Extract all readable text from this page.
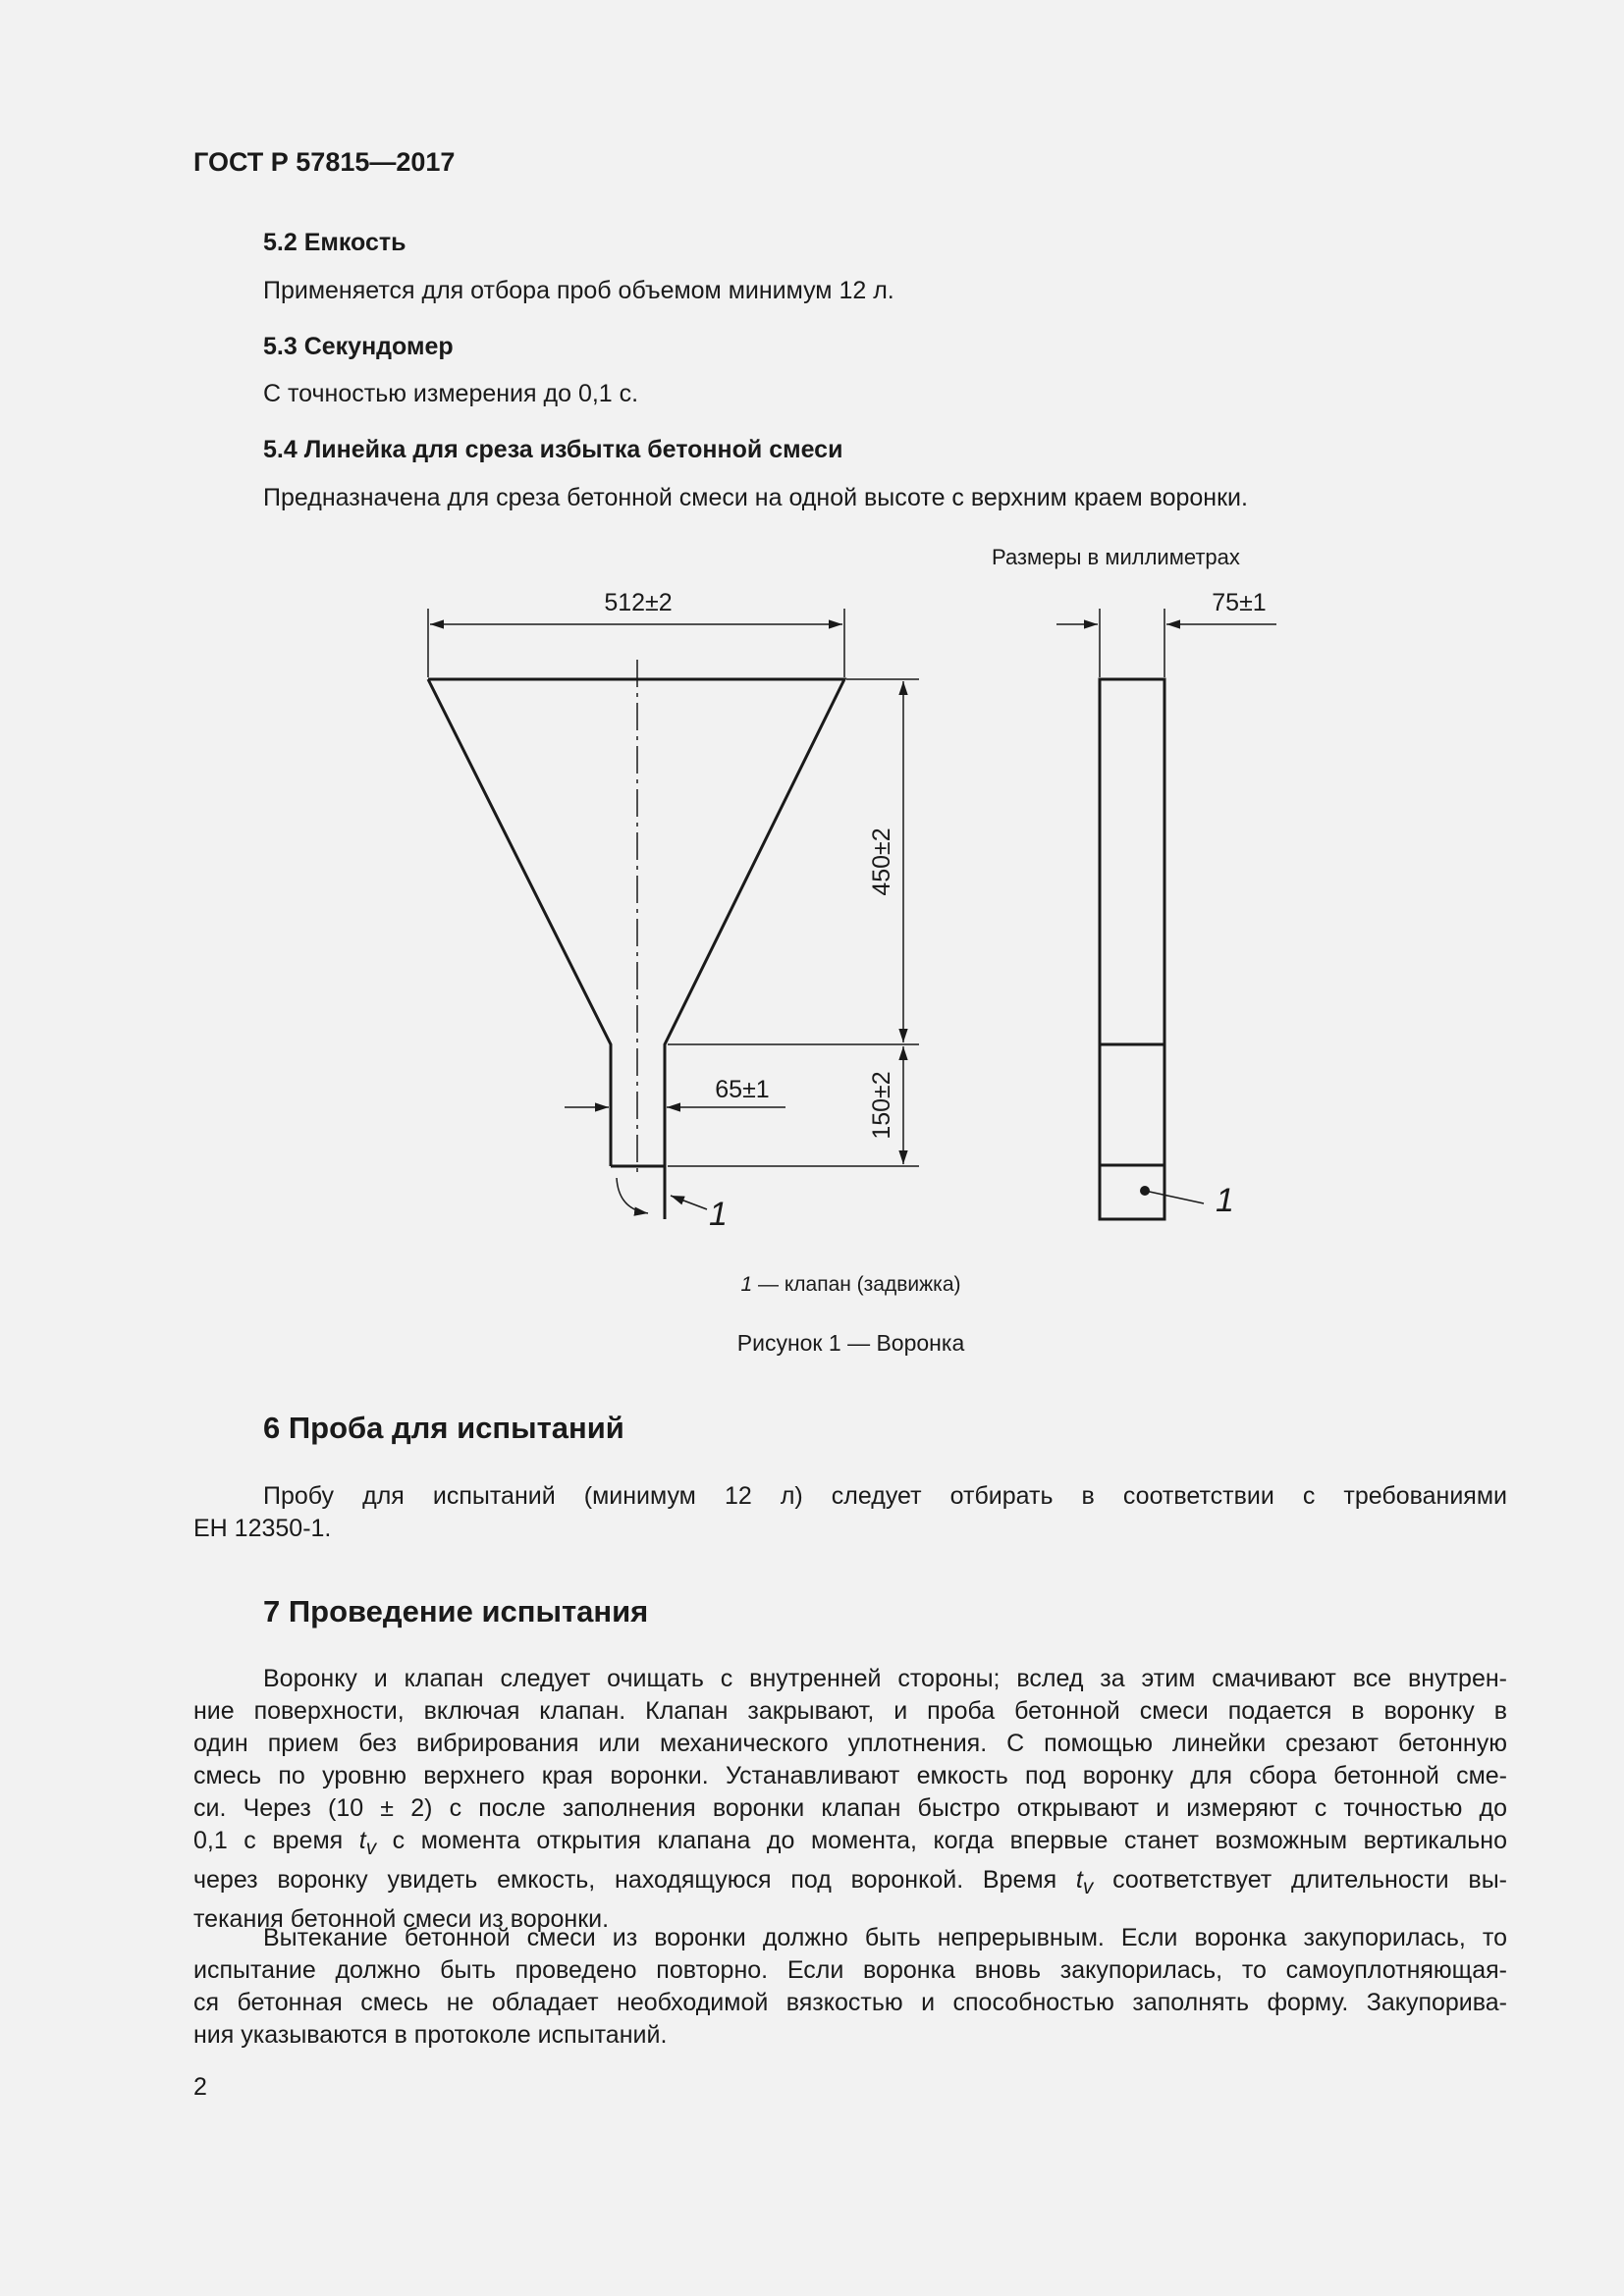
ГОСТ Р 57815—2017
5.2 Емкость
Применяется для отбора проб объемом минимум 12 л.
5.3 Секундомер
С точностью измерения до 0,1 с.
5.4 Линейка для среза избытка бетонной смеси
Предназначена для среза бетонной смеси на одной высоте с верхним краем воронки.
Размеры в миллиметрах
512±2	75±1
450±2
150±2
65±1
1	1
1 — клапан (задвижка)
Рисунок 1 — Воронка
6 Проба для испытаний
Пробу для испытаний (минимум 12 л) следует отбирать в соответствии с требованиями
ЕН 12350-1.
7 Проведение испытания
Воронку и клапан следует очищать с внутренней стороны; вслед за этим смачивают все внутрен-
ние поверхности, включая клапан. Клапан закрывают, и проба бетонной смеси подается в воронку в
один прием без вибрирования или механического уплотнения. С помощью линейки срезают бетонную
смесь по уровню верхнего края воронки. Устанавливают емкость под воронку для сбора бетонной сме-
си. Через (10 ± 2) с после заполнения воронки клапан быстро открывают и измеряют с точностью до
0,1 с время $t_v$ с момента открытия клапана до момента, когда впервые станет возможным вертикально
через воронку увидеть емкость, находящуюся под воронкой. Время $t_v$ соответствует длительности вы-
текания бетонной смеси из воронки.
Вытекание бетонной смеси из воронки должно быть непрерывным. Если воронка закупорилась, то
испытание должно быть проведено повторно. Если воронка вновь закупорилась, то самоуплотняющая-
ся бетонная смесь не обладает необходимой вязкостью и способностью заполнять форму. Закупорива-
ния указываются в протоколе испытаний.
2
